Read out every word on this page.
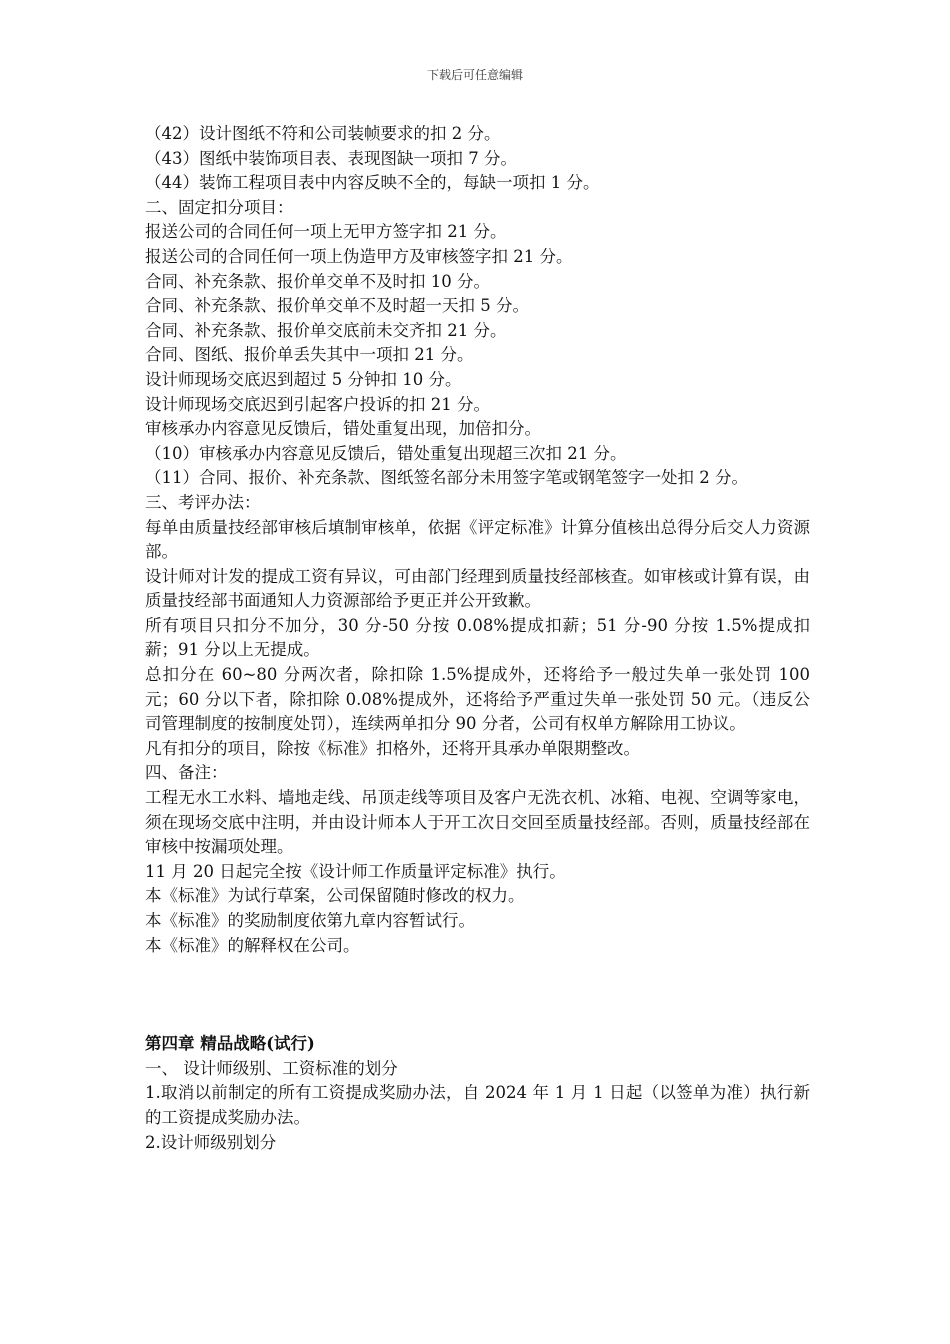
下载后可任意编辑

（42）设计图纸不符和公司装帧要求的扣 2 分。

（43）图纸中装饰项目表、表现图缺一项扣 7 分。

（44）装饰工程项目表中内容反映不全的，每缺一项扣 1 分。

二、固定扣分项目：

报送公司的合同任何一项上无甲方签字扣 21 分。

报送公司的合同任何一项上伪造甲方及审核签字扣 21 分。

合同、补充条款、报价单交单不及时扣 10 分。

合同、补充条款、报价单交单不及时超一天扣 5 分。

合同、补充条款、报价单交底前未交齐扣 21 分。

合同、图纸、报价单丢失其中一项扣 21 分。

设计师现场交底迟到超过 5 分钟扣 10 分。

设计师现场交底迟到引起客户投诉的扣 21 分。

审核承办内容意见反馈后，错处重复出现，加倍扣分。

（10）审核承办内容意见反馈后，错处重复出现超三次扣 21 分。

（11）合同、报价、补充条款、图纸签名部分未用签字笔或钢笔签字一处扣 2 分。

三、考评办法：

每单由质量技经部审核后填制审核单，依据《评定标准》计算分值核出总得分后交人力资源部。

设计师对计发的提成工资有异议，可由部门经理到质量技经部核查。如审核或计算有误，由质量技经部书面通知人力资源部给予更正并公开致歉。

所有项目只扣分不加分，30 分-50 分按 0.08%提成扣薪；51 分-90 分按 1.5%提成扣薪；91 分以上无提成。

总扣分在 60~80 分两次者，除扣除 1.5%提成外，还将给予一般过失单一张处罚 100 元；60 分以下者，除扣除 0.08%提成外，还将给予严重过失单一张处罚 50 元。（违反公司管理制度的按制度处罚），连续两单扣分 90 分者，公司有权单方解除用工协议。

凡有扣分的项目，除按《标准》扣格外，还将开具承办单限期整改。

四、备注：

工程无水工水料、墙地走线、吊顶走线等项目及客户无洗衣机、冰箱、电视、空调等家电，须在现场交底中注明，并由设计师本人于开工次日交回至质量技经部。否则，质量技经部在审核中按漏项处理。

11 月 20 日起完全按《设计师工作质量评定标准》执行。

本《标准》为试行草案，公司保留随时修改的权力。

本《标准》的奖励制度依第九章内容暂试行。

本《标准》的解释权在公司。

第四章 精品战略(试行)

一、 设计师级别、工资标准的划分

1.取消以前制定的所有工资提成奖励办法，自 2024 年 1 月 1 日起（以签单为准）执行新的工资提成奖励办法。

2.设计师级别划分
